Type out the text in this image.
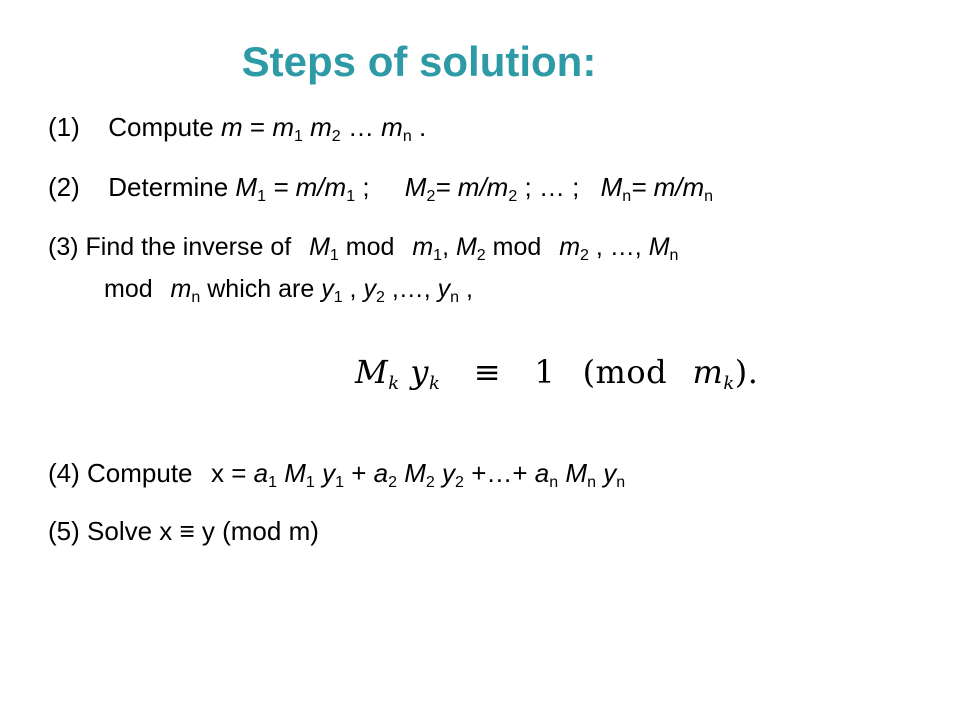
Steps of solution:
(1) Compute $m = m_1$ $m_2$ … $m_n$ .
(2) Determine $M_1 = m/m_1$ ; $M_2= m/m_2$ ; … ; $M_n= m/m_n$
(3) Find the inverse of $M_1$ mod $m_1$, $M_2$ mod $m_2$ , …, $M_n$
mod $m_n$ which are $y_1$ , $y_2$ ,…, $y_n$ ,
$M_k$ $y_k \equiv 1$ (mod $m_k$).
(4) Compute $x = a_1$ $M_1$ $y_1 + a_2$ $M_2$ $y_2$ +…+ $a_n$ $M_n$ $y_n$
(5) Solve x ≡ y (mod m)
